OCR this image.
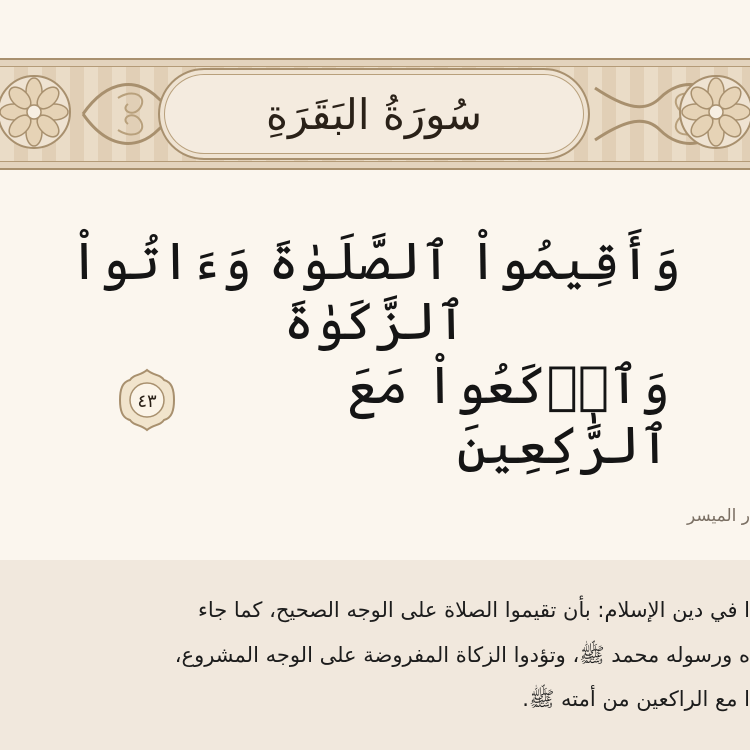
سُورَةُ البَقَرَةِ
وَأَقِيمُواْ ٱلصَّلَوٰةَ وَءَاتُواْ ٱلزَّكَوٰةَ
وَٱرۡكَعُواْ مَعَ ٱلرَّٰكِعِينَ
٤٣
ر الميسر
ا في دين الإسلام: بأن تقيموا الصلاة على الوجه الصحيح، كما جاء
ه ورسوله محمد ﷺ، وتؤدوا الزكاة المفروضة على الوجه المشروع،
ا مع الراكعين من أمته ﷺ.
